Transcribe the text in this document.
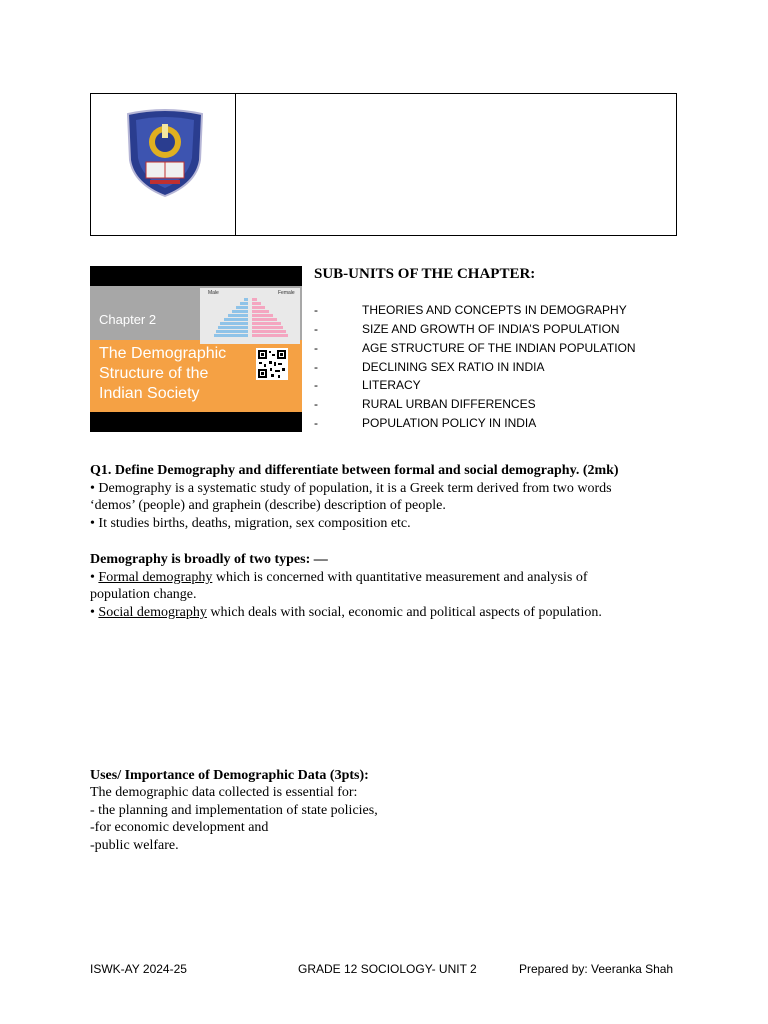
Male	Female
Chapter 2
The Demographic
Structure of the
Indian Society
SUB-UNITS OF THE CHAPTER:
-	THEORIES AND CONCEPTS IN DEMOGRAPHY
-	SIZE AND GROWTH OF INDIA’S POPULATION
-	AGE STRUCTURE OF THE INDIAN POPULATION
-	DECLINING SEX RATIO IN INDIA
-	LITERACY
-	RURAL URBAN DIFFERENCES
-	POPULATION POLICY IN INDIA
Q1. Define Demography and differentiate between formal and social demography. (2mk)
• Demography is a systematic study of population, it is a Greek term derived from two words
‘demos’ (people) and graphein (describe) description of people.
• It studies births, deaths, migration, sex composition etc.
Demography is broadly of two types: —
• Formal demography which is concerned with quantitative measurement and analysis of
population change.
• Social demography which deals with social, economic and political aspects of population.
Uses/ Importance of Demographic Data (3pts):
The demographic data collected is essential for:
- the planning and implementation of state policies,
-for economic development and
-public welfare.
ISWK-AY 2024-25	GRADE 12 SOCIOLOGY- UNIT 2	Prepared by: Veeranka Shah
